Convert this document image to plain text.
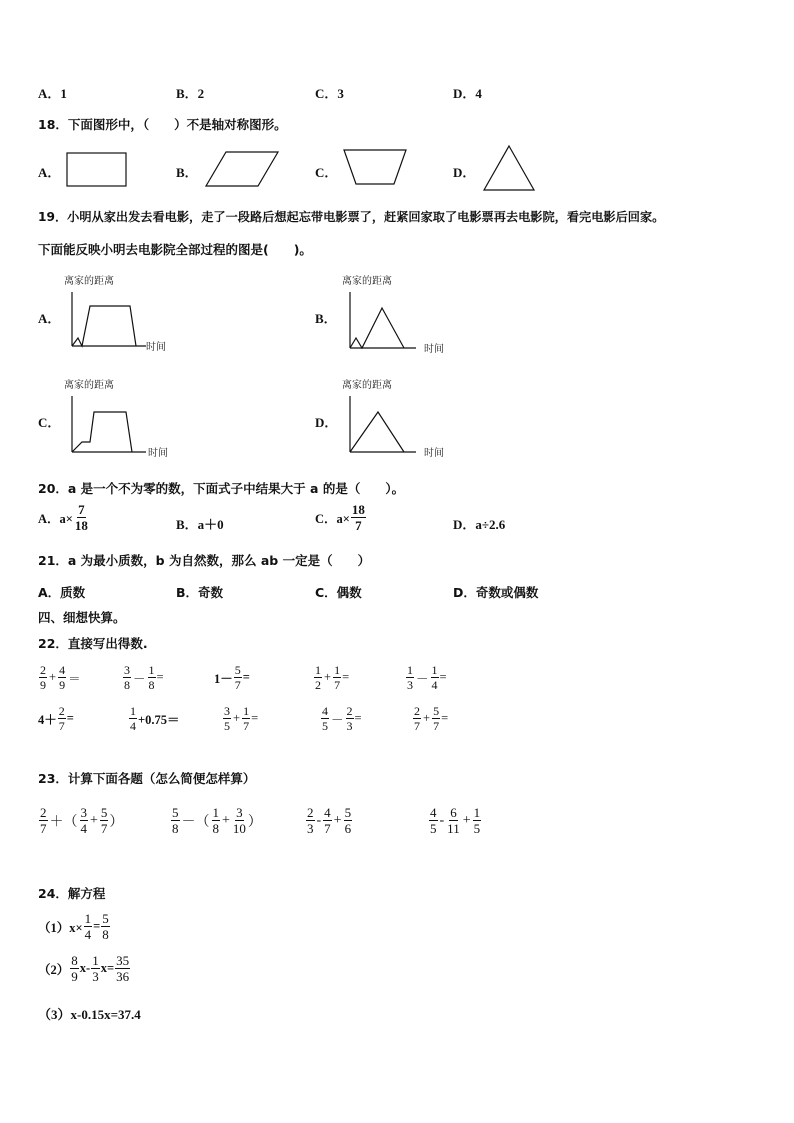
A．1	B．2	C．3	D．4
18．下面图形中，（　　）不是轴对称图形。
A．	B．	C．	D．
19．小明从家出发去看电影，走了一段路后想起忘带电影票了，赶紧回家取了电影票再去电影院，看完电影后回家。
下面能反映小明去电影院全部过程的图是(　　)。
A．
离家的距离
时间
B．
离家的距离
时间
C．
离家的距离
时间
D．
离家的距离
时间
20．a 是一个不为零的数，下面式子中结果大于 a 的是（　　）。
A．$a\times \frac{7}{18}$	B．a＋0	C．$a\times \frac{18}{7}$	D．a÷2.6
21．a 为最小质数，b 为自然数，那么 ab 一定是（　　）
A．质数	B．奇数	C．偶数	D．奇数或偶数
四、细想快算。
22．直接写出得数.
$\frac{2}{9} + \frac{4}{9}$ ＝	$\frac{3}{8} - \frac{1}{8}$ =	$1- \frac{5}{7}$ =	$\frac{1}{2} + \frac{1}{7}$ =	$\frac{1}{3} - \frac{1}{4}$ =
$4+ \frac{2}{7}$ =	$\frac{1}{4} +0.75=$	$\frac{3}{5} + \frac{1}{7}$ =	$\frac{4}{5} - \frac{2}{3}$ =	$\frac{2}{7} + \frac{5}{7}$ =
23．计算下面各题（怎么简便怎样算）
$\frac{2}{7}$ ＋（ $\frac{3}{4} + \frac{5}{7}$ ）	$\frac{5}{8}$ －（ $\frac{1}{8} + \frac{3}{10}$ ）	$\frac{2}{3} - \frac{4}{7} + \frac{5}{6}$	$\frac{4}{5} - \frac{6}{11} + \frac{1}{5}$
24．解方程
$(1)x\times \frac{1}{4} = \frac{5}{8}$
$(2) \frac{8}{9} x- \frac{1}{3} x= \frac{35}{36}$
（3）x-0.15x=37.4
